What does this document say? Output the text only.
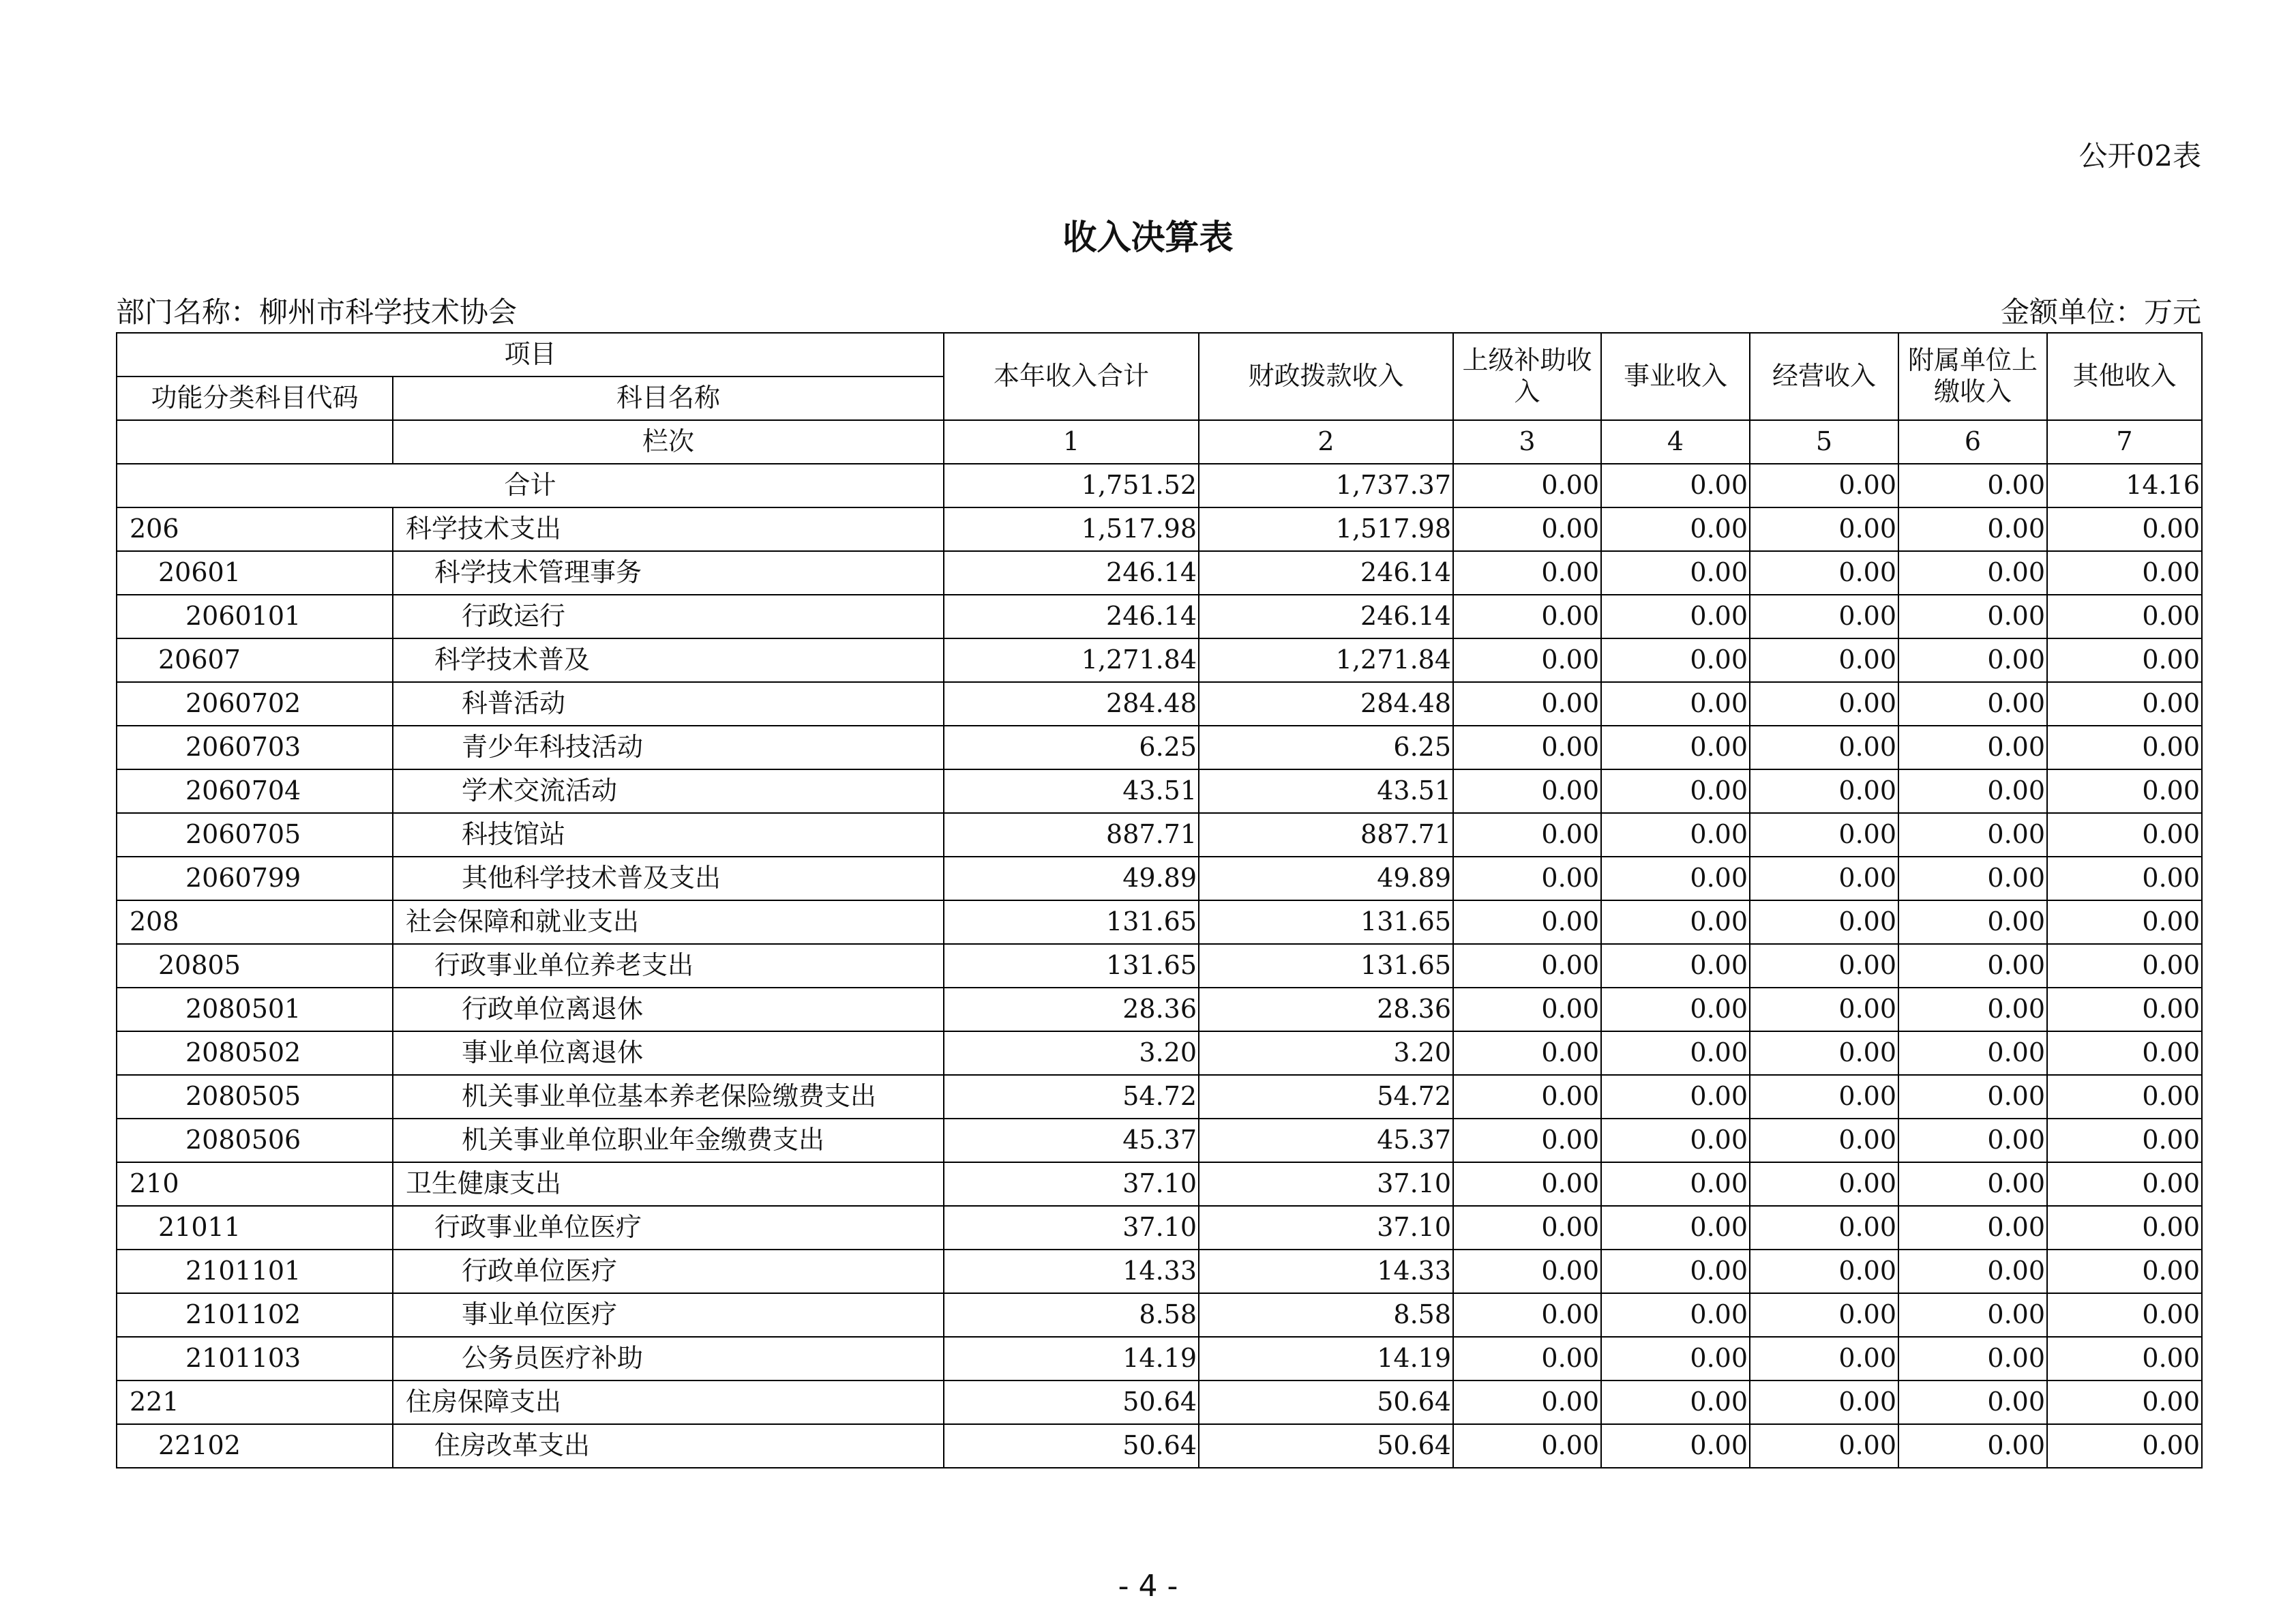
公开02表
收入决算表
部门名称：柳州市科学技术协会	金额单位：万元
项目		本年收入合计	财政拨款收入	上级补助收入	事业收入	经营收入	附属单位上缴收入	其他收入
功能分类科目代码	科目名称							
	栏次	1	2	3	4	5	6	7
合计		1,751.52	1,737.37	0.00	0.00	0.00	0.00	14.16
206	科学技术支出	1,517.98	1,517.98	0.00	0.00	0.00	0.00	0.00
20601	科学技术管理事务	246.14	246.14	0.00	0.00	0.00	0.00	0.00
2060101	行政运行	246.14	246.14	0.00	0.00	0.00	0.00	0.00
20607	科学技术普及	1,271.84	1,271.84	0.00	0.00	0.00	0.00	0.00
2060702	科普活动	284.48	284.48	0.00	0.00	0.00	0.00	0.00
2060703	青少年科技活动	6.25	6.25	0.00	0.00	0.00	0.00	0.00
2060704	学术交流活动	43.51	43.51	0.00	0.00	0.00	0.00	0.00
2060705	科技馆站	887.71	887.71	0.00	0.00	0.00	0.00	0.00
2060799	其他科学技术普及支出	49.89	49.89	0.00	0.00	0.00	0.00	0.00
208	社会保障和就业支出	131.65	131.65	0.00	0.00	0.00	0.00	0.00
20805	行政事业单位养老支出	131.65	131.65	0.00	0.00	0.00	0.00	0.00
2080501	行政单位离退休	28.36	28.36	0.00	0.00	0.00	0.00	0.00
2080502	事业单位离退休	3.20	3.20	0.00	0.00	0.00	0.00	0.00
2080505	机关事业单位基本养老保险缴费支出	54.72	54.72	0.00	0.00	0.00	0.00	0.00
2080506	机关事业单位职业年金缴费支出	45.37	45.37	0.00	0.00	0.00	0.00	0.00
210	卫生健康支出	37.10	37.10	0.00	0.00	0.00	0.00	0.00
21011	行政事业单位医疗	37.10	37.10	0.00	0.00	0.00	0.00	0.00
2101101	行政单位医疗	14.33	14.33	0.00	0.00	0.00	0.00	0.00
2101102	事业单位医疗	8.58	8.58	0.00	0.00	0.00	0.00	0.00
2101103	公务员医疗补助	14.19	14.19	0.00	0.00	0.00	0.00	0.00
221	住房保障支出	50.64	50.64	0.00	0.00	0.00	0.00	0.00
22102	住房改革支出	50.64	50.64	0.00	0.00	0.00	0.00	0.00
- 4 -
